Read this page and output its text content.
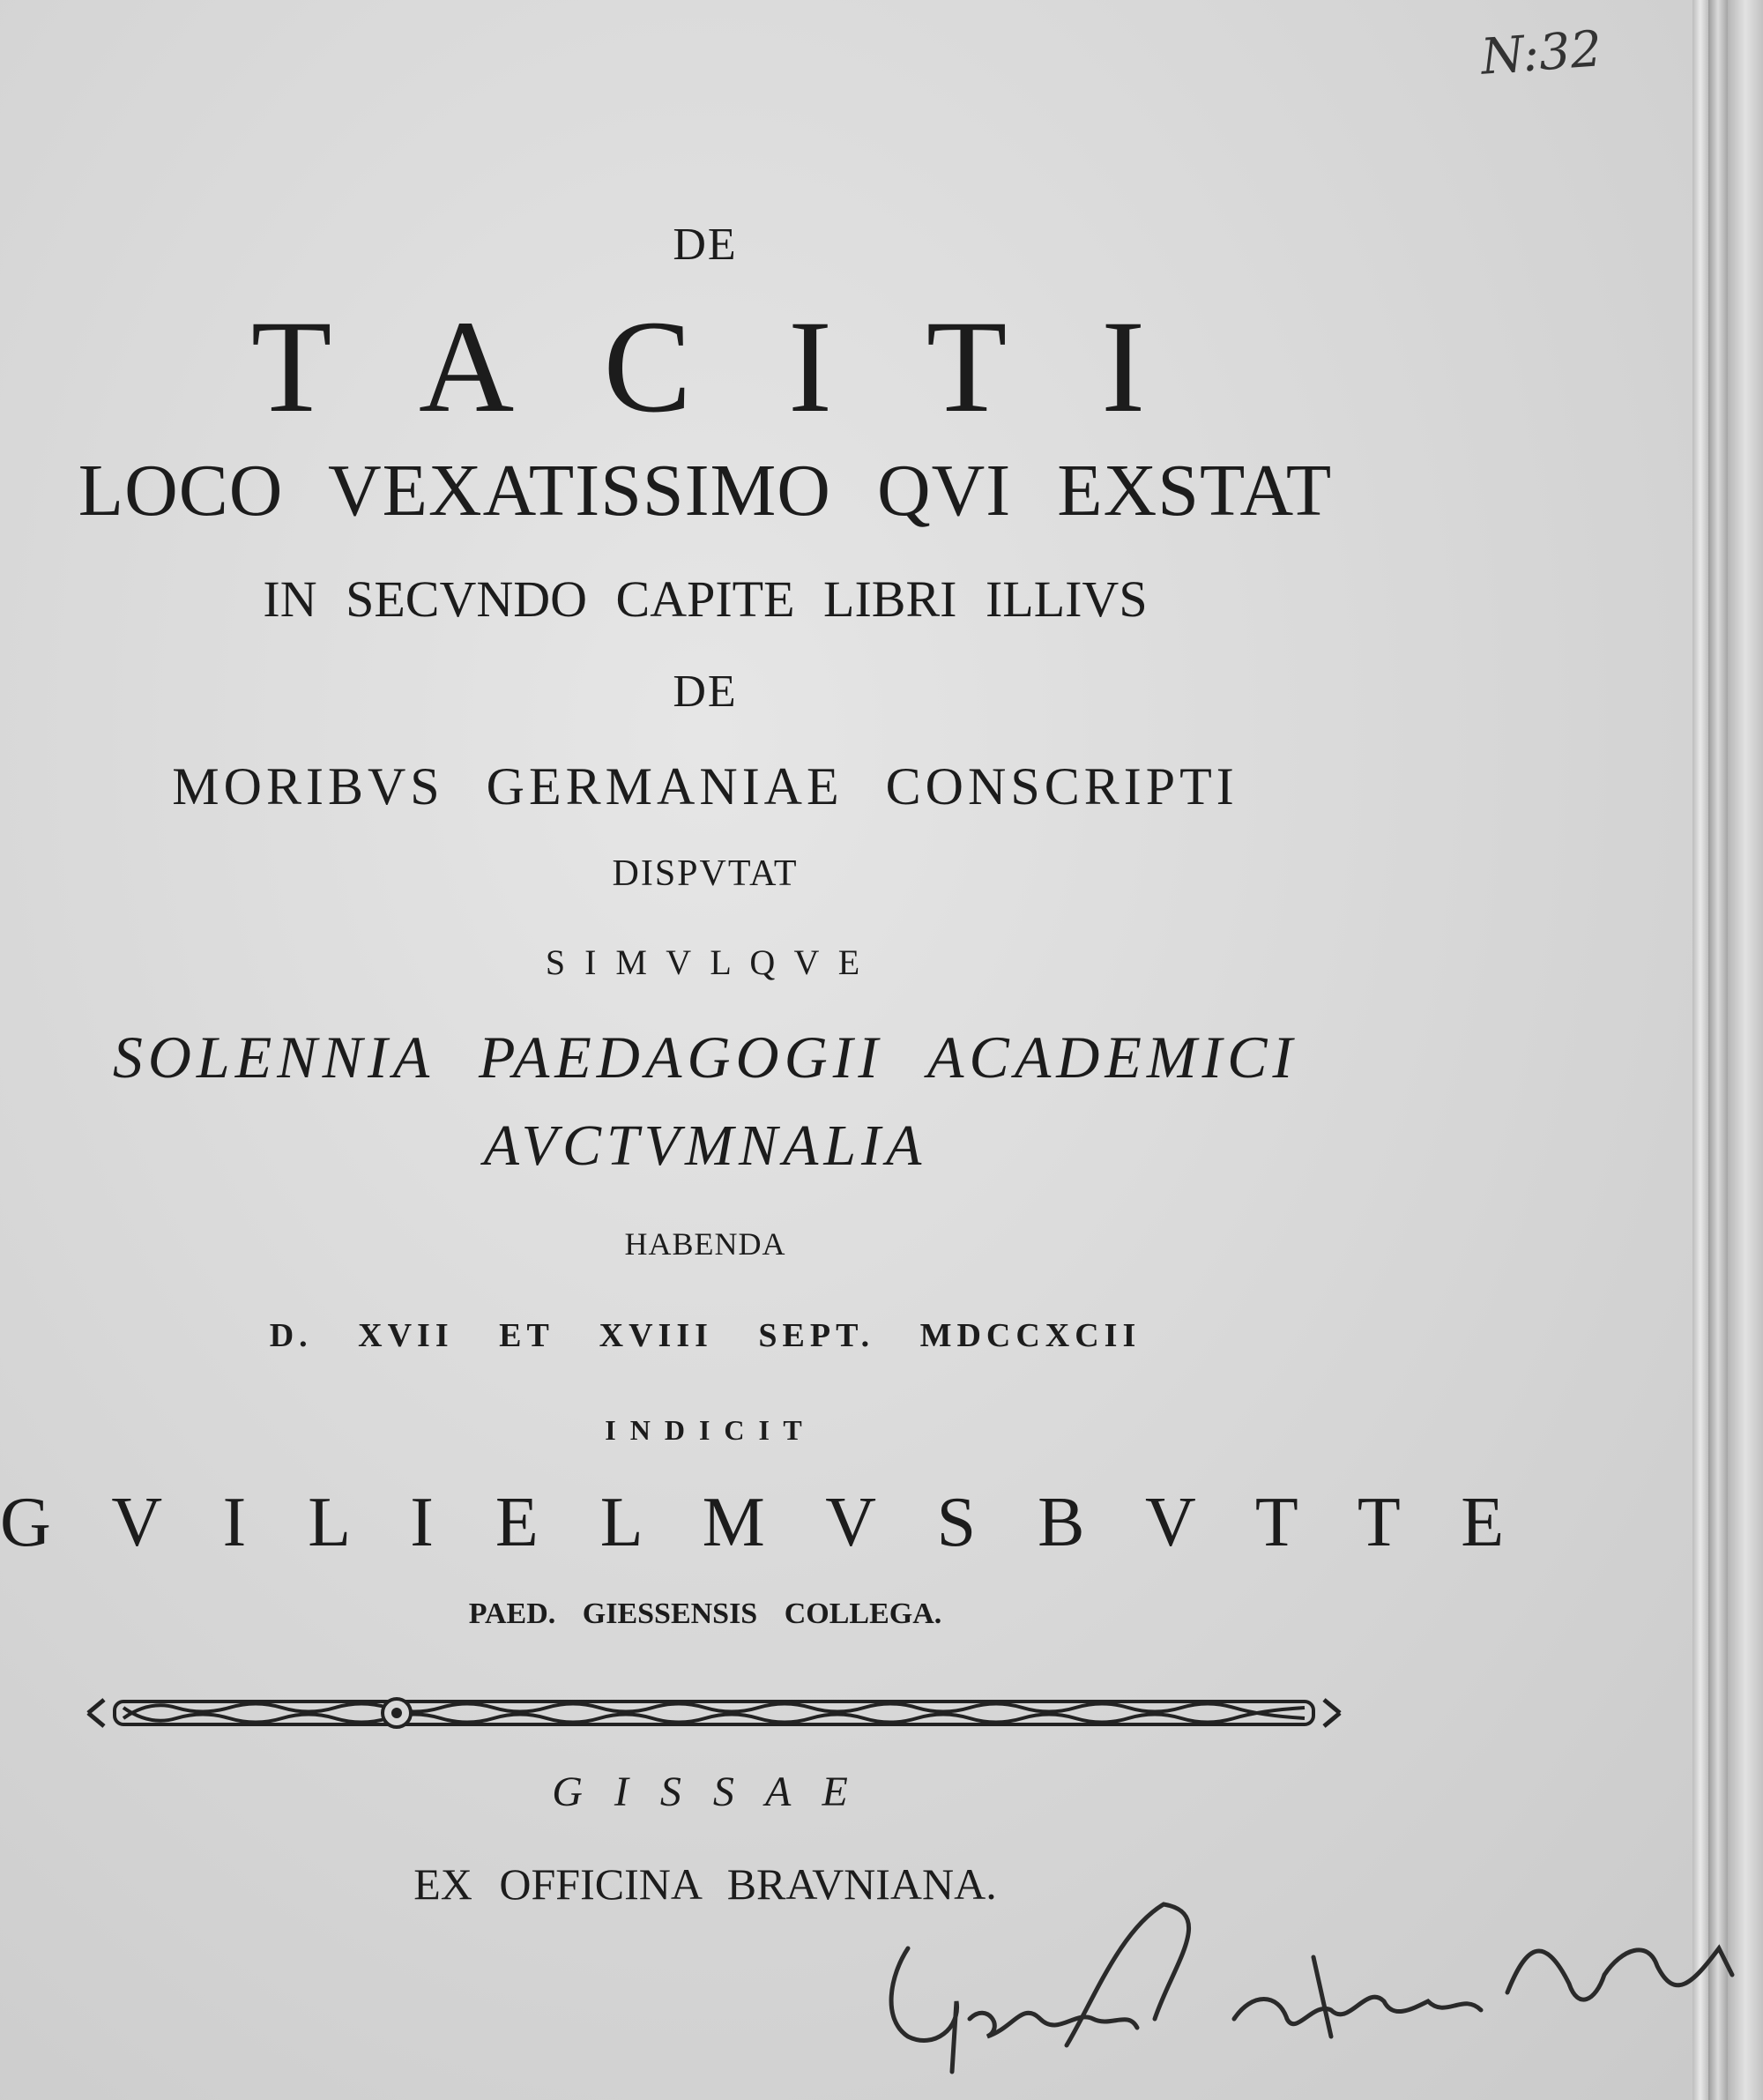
N:32
DE
T A C I T I
LOCO VEXATISSIMO QVI EXSTAT
IN SECVNDO CAPITE LIBRI ILLIVS
DE
MORIBVS GERMANIAE CONSCRIPTI
DISPVTAT
S I M V L Q V E
SOLENNIA PAEDAGOGII ACADEMICI
AVCTVMNALIA
HABENDA
D. XVII ET XVIII SEPT. MDCCXCII
I N D I C I T
G V I L I E L M V S B V T T E
PAED. GIESSENSIS COLLEGA.
G I S S A E
EX OFFICINA BRAVNIANA.
